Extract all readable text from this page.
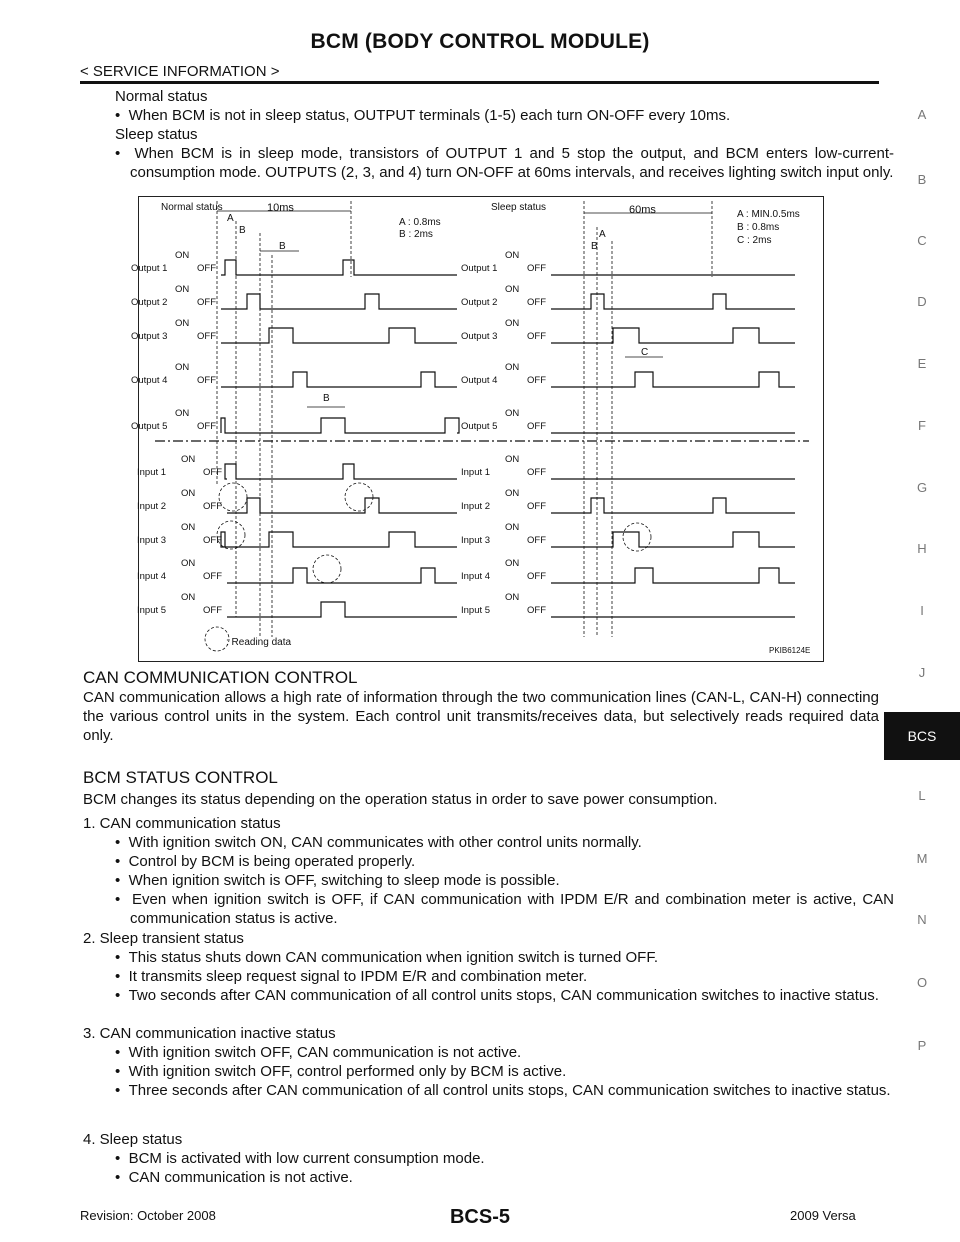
BCM (BODY CONTROL MODULE)
< SERVICE INFORMATION >
Normal status
•  When BCM is not in sleep status, OUTPUT terminals (1-5) each turn ON-OFF every 10ms.
Sleep status
•  When BCM is in sleep mode, transistors of OUTPUT 1 and 5 stop the output, and BCM enters low-current-consumption mode. OUTPUTS (2, 3, and 4) turn ON-OFF at 60ms intervals, and receives lighting switch input only.
Normal status	Sleep status
10ms	60ms
A : 0.8ms
B : 2ms
A : MIN.0.5ms
B : 0.8ms
C : 2ms
: Reading data
PKIB6124E
ON
Output 1	OFF
ON
Output 2	OFF
ON
Output 3	OFF
ON
Output 4	OFF
ON
Output 5	OFF
ON
Input 1	OFF
ON
Input 2	OFF
ON
Input 3	OFF
ON
Input 4	OFF
ON
Input 5	OFF
ON
Output 1	OFF
ON
Output 2	OFF
ON
Output 3	OFF
ON
Output 4	OFF
ON
Output 5	OFF
ON
Input 1	OFF
ON
Input 2	OFF
ON
Input 3	OFF
ON
Input 4	OFF
ON
Input 5	OFF
A
B
B
B
A
B
C
CAN COMMUNICATION CONTROL
CAN communication allows a high rate of information through the two communication lines (CAN-L, CAN-H) connecting the various control units in the system. Each control unit transmits/receives data, but selectively reads required data only.
BCM STATUS CONTROL
BCM changes its status depending on the operation status in order to save power consumption.
1. CAN communication status
•  With ignition switch ON, CAN communicates with other control units normally.
•  Control by BCM is being operated properly.
•  When ignition switch is OFF, switching to sleep mode is possible.
•  Even when ignition switch is OFF, if CAN communication with IPDM E/R and combination meter is active, CAN communication status is active.
2. Sleep transient status
•  This status shuts down CAN communication when ignition switch is turned OFF.
•  It transmits sleep request signal to IPDM E/R and combination meter.
•  Two seconds after CAN communication of all control units stops, CAN communication switches to inactive status.
3. CAN communication inactive status
•  With ignition switch OFF, CAN communication is not active.
•  With ignition switch OFF, control performed only by BCM is active.
•  Three seconds after CAN communication of all control units stops, CAN communication switches to inactive status.
4. Sleep status
•  BCM is activated with low current consumption mode.
•  CAN communication is not active.
A
B
C
D
E
F
G
H
I
J
BCS
L
M
N
O
P
Revision: October 2008	BCS-5	2009 Versa
